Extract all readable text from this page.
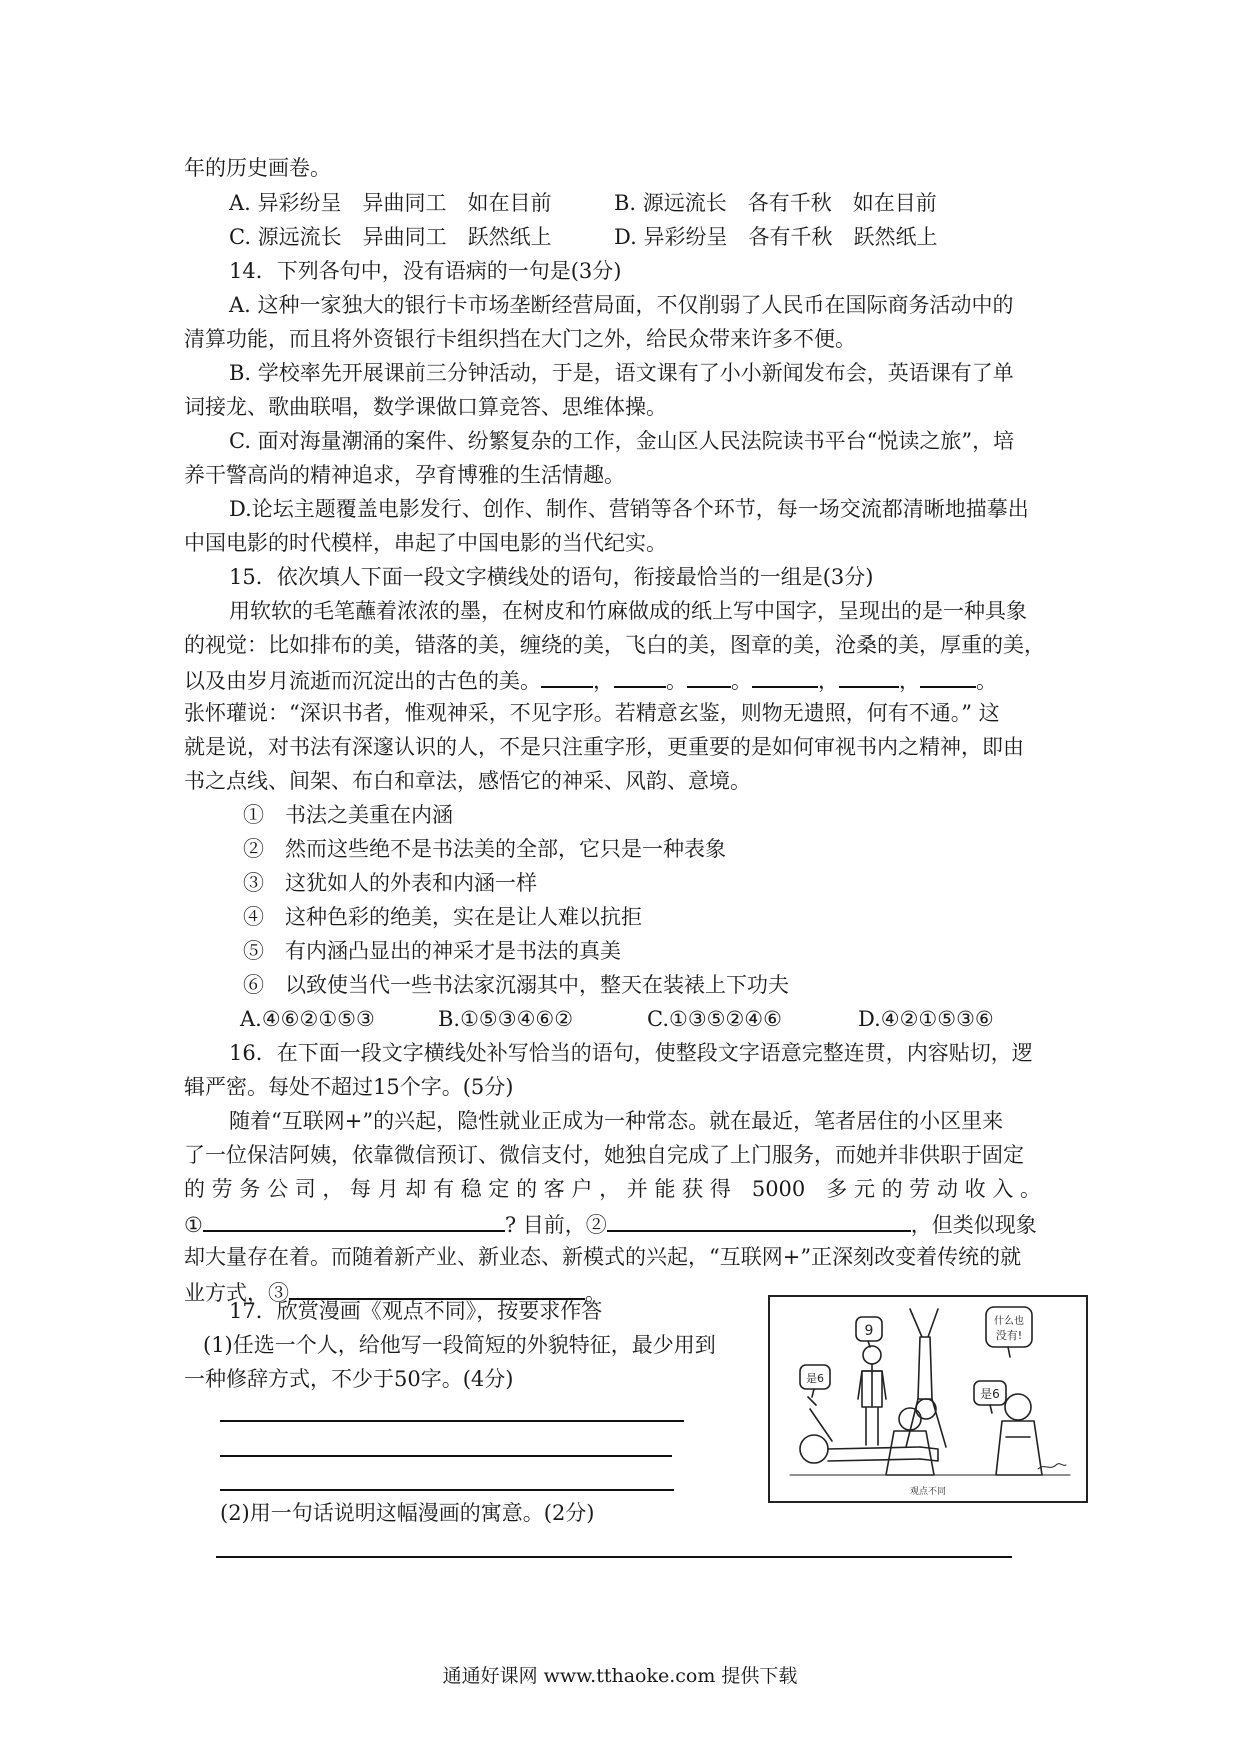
年的历史画卷。
A. 异彩纷呈　异曲同工　如在目前	B. 源远流长　各有千秋　如在目前
C. 源远流长　异曲同工　跃然纸上	D. 异彩纷呈　各有千秋　跃然纸上
14．下列各句中，没有语病的一句是(3分)
A. 这种一家独大的银行卡市场垄断经营局面，不仅削弱了人民币在国际商务活动中的
清算功能，而且将外资银行卡组织挡在大门之外，给民众带来许多不便。
B. 学校率先开展课前三分钟活动，于是，语文课有了小小新闻发布会，英语课有了单
词接龙、歌曲联唱，数学课做口算竞答、思维体操。
C. 面对海量潮涌的案件、纷繁复杂的工作，金山区人民法院读书平台“悦读之旅”，培
养干警高尚的精神追求，孕育博雅的生活情趣。
D.论坛主题覆盖电影发行、创作、制作、营销等各个环节，每一场交流都清晰地描摹出
中国电影的时代模样，串起了中国电影的当代纪实。
15．依次填人下面一段文字横线处的语句，衔接最恰当的一组是(3分)
用软软的毛笔蘸着浓浓的墨，在树皮和竹麻做成的纸上写中国字，呈现出的是一种具象
的视觉：比如排布的美，错落的美，缠绕的美，飞白的美，图章的美，沧桑的美，厚重的美，
以及由岁月流逝而沉淀出的古色的美。 ， 。 。	，	，	。
张怀瓘说：“深识书者，惟观神采，不见字形。若精意玄鉴，则物无遗照，何有不通。” 这
就是说，对书法有深邃认识的人，不是只注重字形，更重要的是如何审视书内之精神，即由
书之点线、间架、布白和章法，感悟它的神采、风韵、意境。
①　书法之美重在内涵
②　然而这些绝不是书法美的全部，它只是一种表象
③　这犹如人的外表和内涵一样
④　这种色彩的绝美，实在是让人难以抗拒
⑤　有内涵凸显出的神采才是书法的真美
⑥　以致使当代一些书法家沉溺其中，整天在装裱上下功夫
A.④⑥②①⑤③	B.①⑤③④⑥②	C.①③⑤②④⑥	D.④②①⑤③⑥
16．在下面一段文字横线处补写恰当的语句，使整段文字语意完整连贯，内容贴切，逻
辑严密。每处不超过15个字。(5分)
随着“互联网+”的兴起，隐性就业正成为一种常态。就在最近，笔者居住的小区里来
了一位保洁阿姨，依靠微信预订、微信支付，她独自完成了上门服务，而她并非供职于固定
的 劳 务 公 司 ， 每 月 却 有 稳 定 的 客 户 ， 并 能 获 得　5000　多 元 的 劳 动 收 入 。
①	? 目前，②	，但类似现象
却大量存在着。而随着新产业、新业态、新模式的兴起，“互联网+”正深刻改变着传统的就
业方式，③	。
17．欣赏漫画《观点不同》，按要求作答
(1)任选一个人，给他写一段简短的外貌特征，最少用到
一种修辞方式，不少于50字。(4分)
(2)用一句话说明这幅漫画的寓意。(2分)
是6
9
是6
什么也
没有!
观点不同
通通好课网 www.tthaoke.com 提供下载
